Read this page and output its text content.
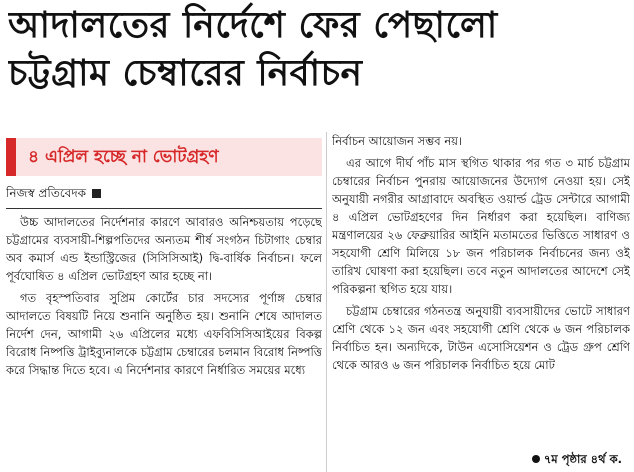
আদালতের নির্দেশে ফের পেছালো
চট্টগ্রাম চেম্বারের নির্বাচন
৪ এপ্রিল হচ্ছে না ভোটগ্রহণ
নিজস্ব প্রতিবেদক

উচ্চ আদালতের নির্দেশনার কারণে আবারও অনিশ্চয়তায় পড়েছে চট্টগ্রামের ব্যবসায়ী-শিল্পপতিদের অন্যতম শীর্ষ সংগঠন চিটাগাং চেম্বার অব কমার্স এন্ড ইন্ডাস্ট্রিজের (সিসিসিআই) দ্বি-বার্ষিক নির্বাচন। ফলে পূর্বঘোষিত ৪ এপ্রিল ভোটগ্রহণ আর হচ্ছে না।

গত বৃহস্পতিবার সুপ্রিম কোর্টের চার সদস্যের পূর্ণাঙ্গ চেম্বার আদালতে বিষয়টি নিয়ে শুনানি অনুষ্ঠিত হয়। শুনানি শেষে আদালত নির্দেশ দেন, আগামী ২৬ এপ্রিলের মধ্যে এফবিসিসিআইয়ের বিকল্প বিরোধ নিষ্পত্তি ট্রাইব্যুনালকে চট্টগ্রাম চেম্বারের চলমান বিরোধ নিষ্পত্তি করে সিদ্ধান্ত দিতে হবে। এ নির্দেশনার কারণে নির্ধারিত সময়ের মধ্যে

নির্বাচন আয়োজন সম্ভব নয়।

এর আগে দীর্ঘ পাঁচ মাস স্থগিত থাকার পর গত ৩ মার্চ চট্টগ্রাম চেম্বারের নির্বাচন পুনরায় আয়োজনের উদ্যোগ নেওয়া হয়। সেই অনুযায়ী নগরীর আগ্রাবাদে অবস্থিত ওয়ার্ল্ড ট্রেড সেন্টারে আগামী ৪ এপ্রিল ভোটগ্রহণের দিন নির্ধারণ করা হয়েছিল। বাণিজ্য মন্ত্রণালয়ের ২৬ ফেব্রুয়ারির আইনি মতামতের ভিত্তিতে সাধারণ ও সহযোগী শ্রেণি মিলিয়ে ১৮ জন পরিচালক নির্বাচনের জন্য ওই তারিখ ঘোষণা করা হয়েছিল। তবে নতুন আদালতের আদেশে সেই পরিকল্পনা স্থগিত হয়ে যায়।

চট্টগ্রাম চেম্বারের গঠনতন্ত্র অনুযায়ী ব্যবসায়ীদের ভোটে সাধারণ শ্রেণি থেকে ১২ জন এবং সহযোগী শ্রেণি থেকে ৬ জন পরিচালক নির্বাচিত হন। অন্যদিকে, টাউন এসোসিয়েশন ও ট্রেড গ্রুপ শ্রেণি থেকে আরও ৬ জন পরিচালক নির্বাচিত হয়ে মোট

৭ম পৃষ্ঠার ৪র্থ ক.
